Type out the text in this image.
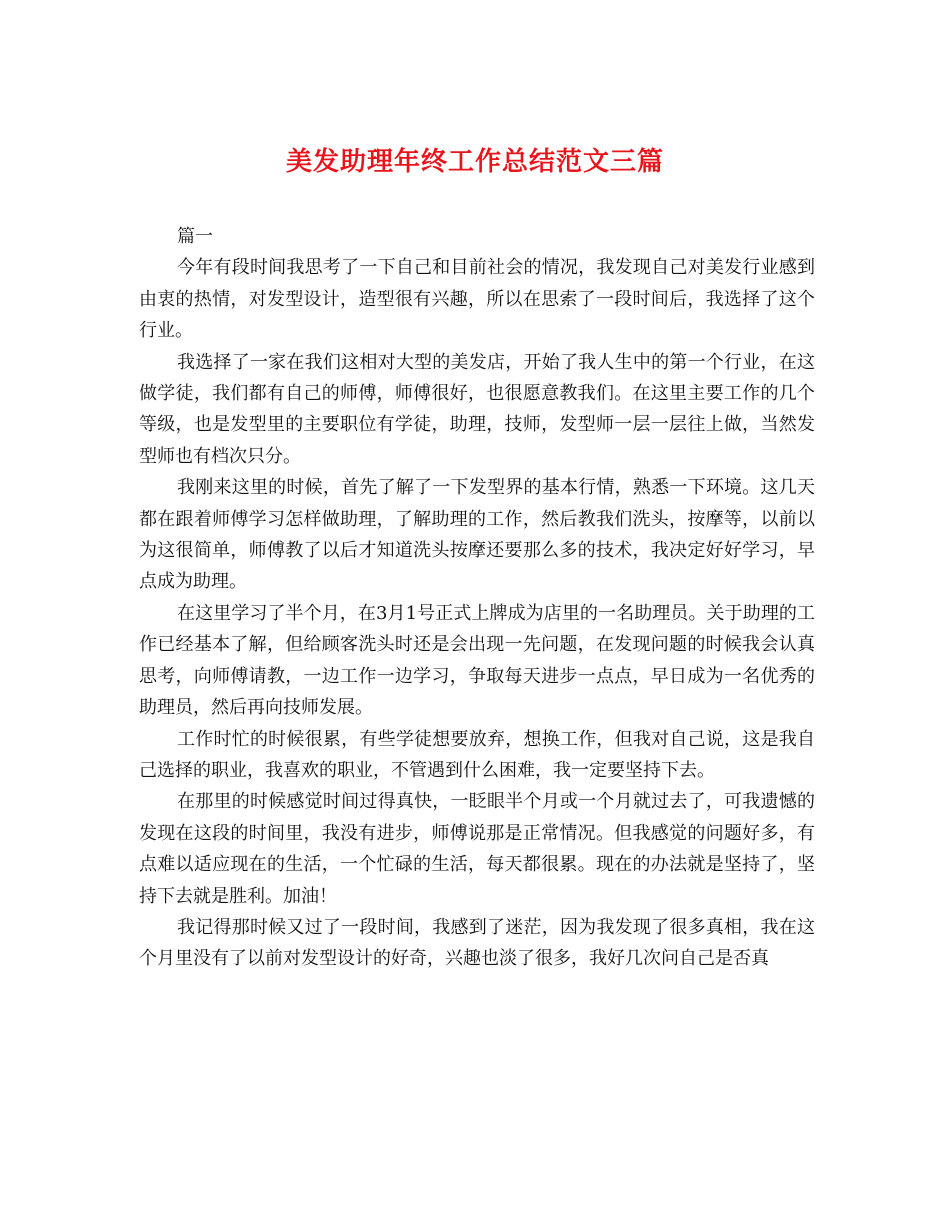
美发助理年终工作总结范文三篇

篇一

今年有段时间我思考了一下自己和目前社会的情况，我发现自己对美发行业感到由衷的热情，对发型设计，造型很有兴趣，所以在思索了一段时间后，我选择了这个行业。

我选择了一家在我们这相对大型的美发店，开始了我人生中的第一个行业，在这做学徒，我们都有自己的师傅，师傅很好，也很愿意教我们。在这里主要工作的几个等级，也是发型里的主要职位有学徒，助理，技师，发型师一层一层往上做，当然发型师也有档次只分。

我刚来这里的时候，首先了解了一下发型界的基本行情，熟悉一下环境。这几天都在跟着师傅学习怎样做助理，了解助理的工作，然后教我们洗头，按摩等，以前以为这很简单，师傅教了以后才知道洗头按摩还要那么多的技术，我决定好好学习，早点成为助理。

在这里学习了半个月，在3月1号正式上牌成为店里的一名助理员。关于助理的工作已经基本了解，但给顾客洗头时还是会出现一先问题，在发现问题的时候我会认真思考，向师傅请教，一边工作一边学习，争取每天进步一点点，早日成为一名优秀的助理员，然后再向技师发展。

工作时忙的时候很累，有些学徒想要放弃，想换工作，但我对自己说，这是我自己选择的职业，我喜欢的职业，不管遇到什么困难，我一定要坚持下去。

在那里的时候感觉时间过得真快，一眨眼半个月或一个月就过去了，可我遗憾的发现在这段的时间里，我没有进步，师傅说那是正常情况。但我感觉的问题好多，有点难以适应现在的生活，一个忙碌的生活，每天都很累。现在的办法就是坚持了，坚持下去就是胜利。加油！

我记得那时候又过了一段时间，我感到了迷茫，因为我发现了很多真相，我在这个月里没有了以前对发型设计的好奇，兴趣也淡了很多，我好几次问自己是否真
